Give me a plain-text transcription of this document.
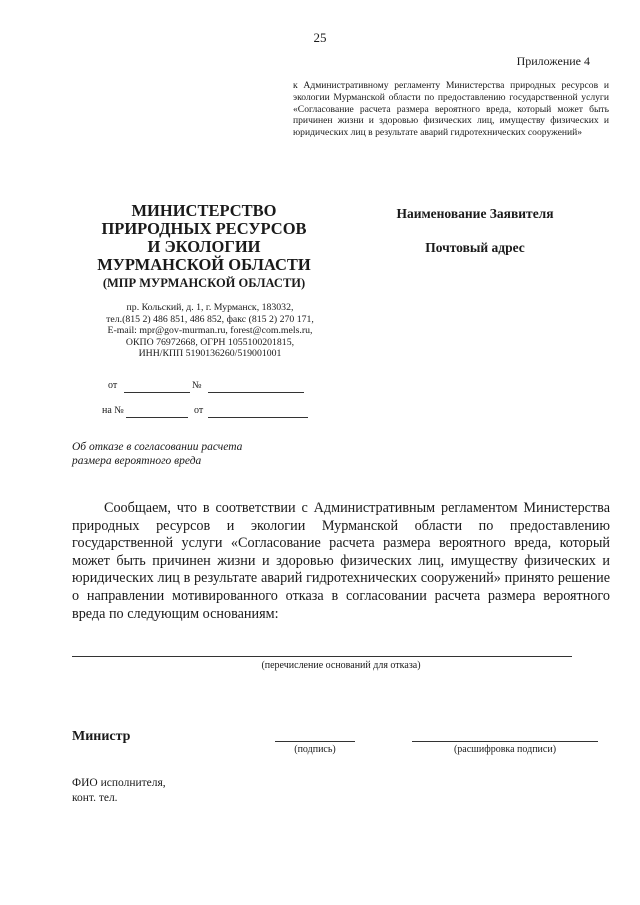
25
Приложение 4
к Административному регламенту Министерства природных ресурсов и экологии Мурманской области по предоставлению государственной услуги «Согласование расчета размера вероятного вреда, который может быть причинен жизни и здоровью физических лиц, имуществу физических и юридических лиц в результате аварий гидротехнических сооружений»
МИНИСТЕРСТВО
ПРИРОДНЫХ РЕСУРСОВ
И ЭКОЛОГИИ
МУРМАНСКОЙ ОБЛАСТИ
(МПР МУРМАНСКОЙ ОБЛАСТИ)
пр. Кольский, д. 1, г. Мурманск, 183032,
тел.(815 2) 486 851, 486 852, факс (815 2) 270 171,
E-mail: mpr@gov-murman.ru, forest@com.mels.ru,
ОКПО 76972668, ОГРН 1055100201815,
ИНН/КПП 5190136260/519001001
от	№
на №	от
Наименование Заявителя
Почтовый адрес
Об отказе в согласовании расчета
размера вероятного вреда
Сообщаем, что в соответствии с Административным регламентом Министерства природных ресурсов и экологии Мурманской области по предоставлению государственной услуги «Согласование расчета размера вероятного вреда, который может быть причинен жизни и здоровью физических лиц, имуществу физических и юридических лиц в результате аварий гидротехнических сооружений» принято решение о направлении мотивированного отказа в согласовании расчета размера вероятного вреда по следующим основаниям:
(перечисление оснований для отказа)
Министр
(подпись)	(расшифровка подписи)
ФИО исполнителя,
конт. тел.
